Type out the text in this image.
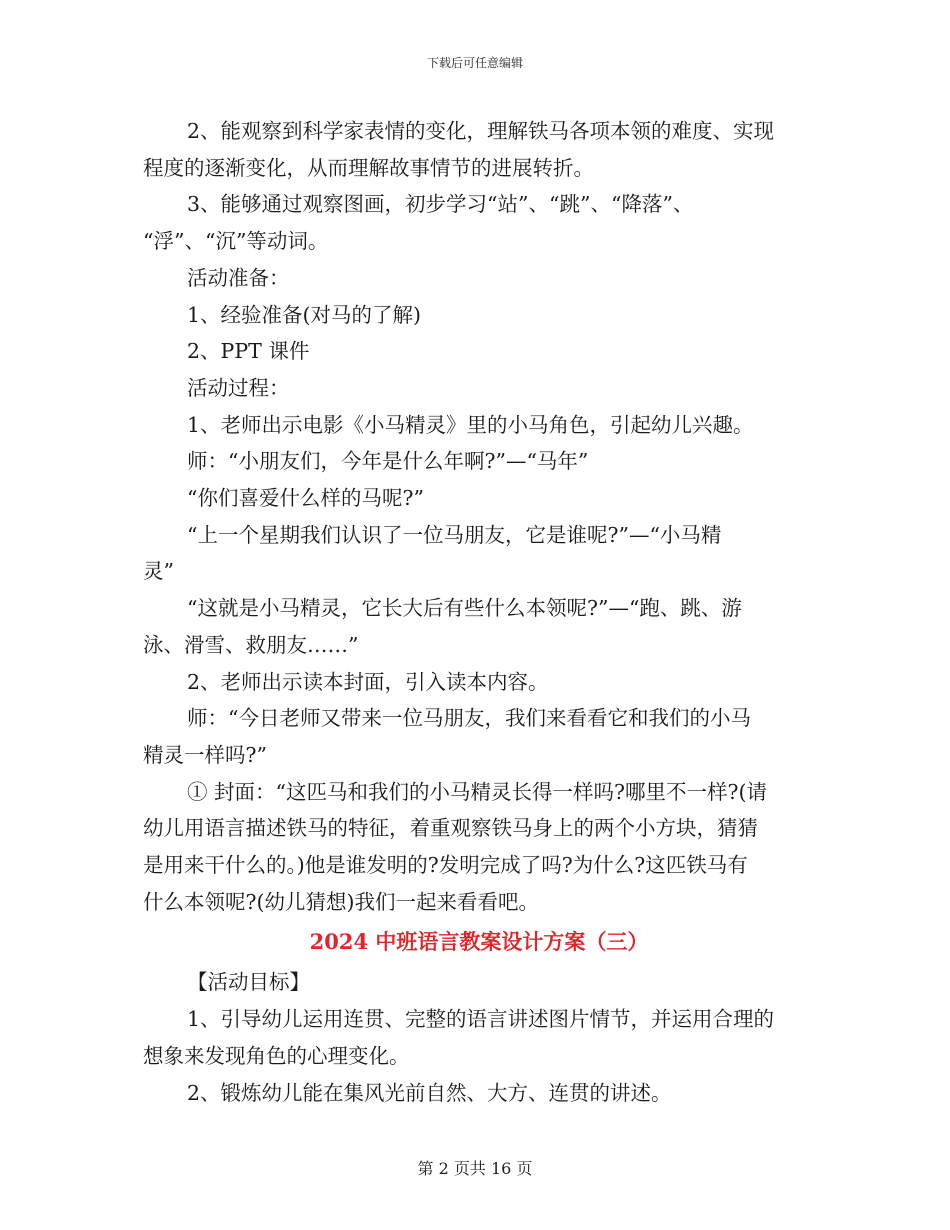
下载后可任意编辑
2、能观察到科学家表情的变化，理解铁马各项本领的难度、实现
程度的逐渐变化，从而理解故事情节的进展转折。
3、能够通过观察图画，初步学习“站”、“跳”、“降落”、
“浮”、“沉”等动词。
活动准备：
1、经验准备(对马的了解)
2、PPT 课件
活动过程：
1、老师出示电影《小马精灵》里的小马角色，引起幼儿兴趣。
师：“小朋友们，今年是什么年啊?”—“马年”
“你们喜爱什么样的马呢?”
“上一个星期我们认识了一位马朋友，它是谁呢?”—“小马精
灵”
“这就是小马精灵，它长大后有些什么本领呢?”—“跑、跳、游
泳、滑雪、救朋友……”
2、老师出示读本封面，引入读本内容。
师：“今日老师又带来一位马朋友，我们来看看它和我们的小马
精灵一样吗?”
① 封面：“这匹马和我们的小马精灵长得一样吗?哪里不一样?(请
幼儿用语言描述铁马的特征，着重观察铁马身上的两个小方块，猜猜
是用来干什么的。)他是谁发明的?发明完成了吗?为什么?这匹铁马有
什么本领呢?(幼儿猜想)我们一起来看看吧。
2024 中班语言教案设计方案（三）
【活动目标】
1、引导幼儿运用连贯、完整的语言讲述图片情节，并运用合理的
想象来发现角色的心理变化。
2、锻炼幼儿能在集风光前自然、大方、连贯的讲述。
第 2 页共 16 页
